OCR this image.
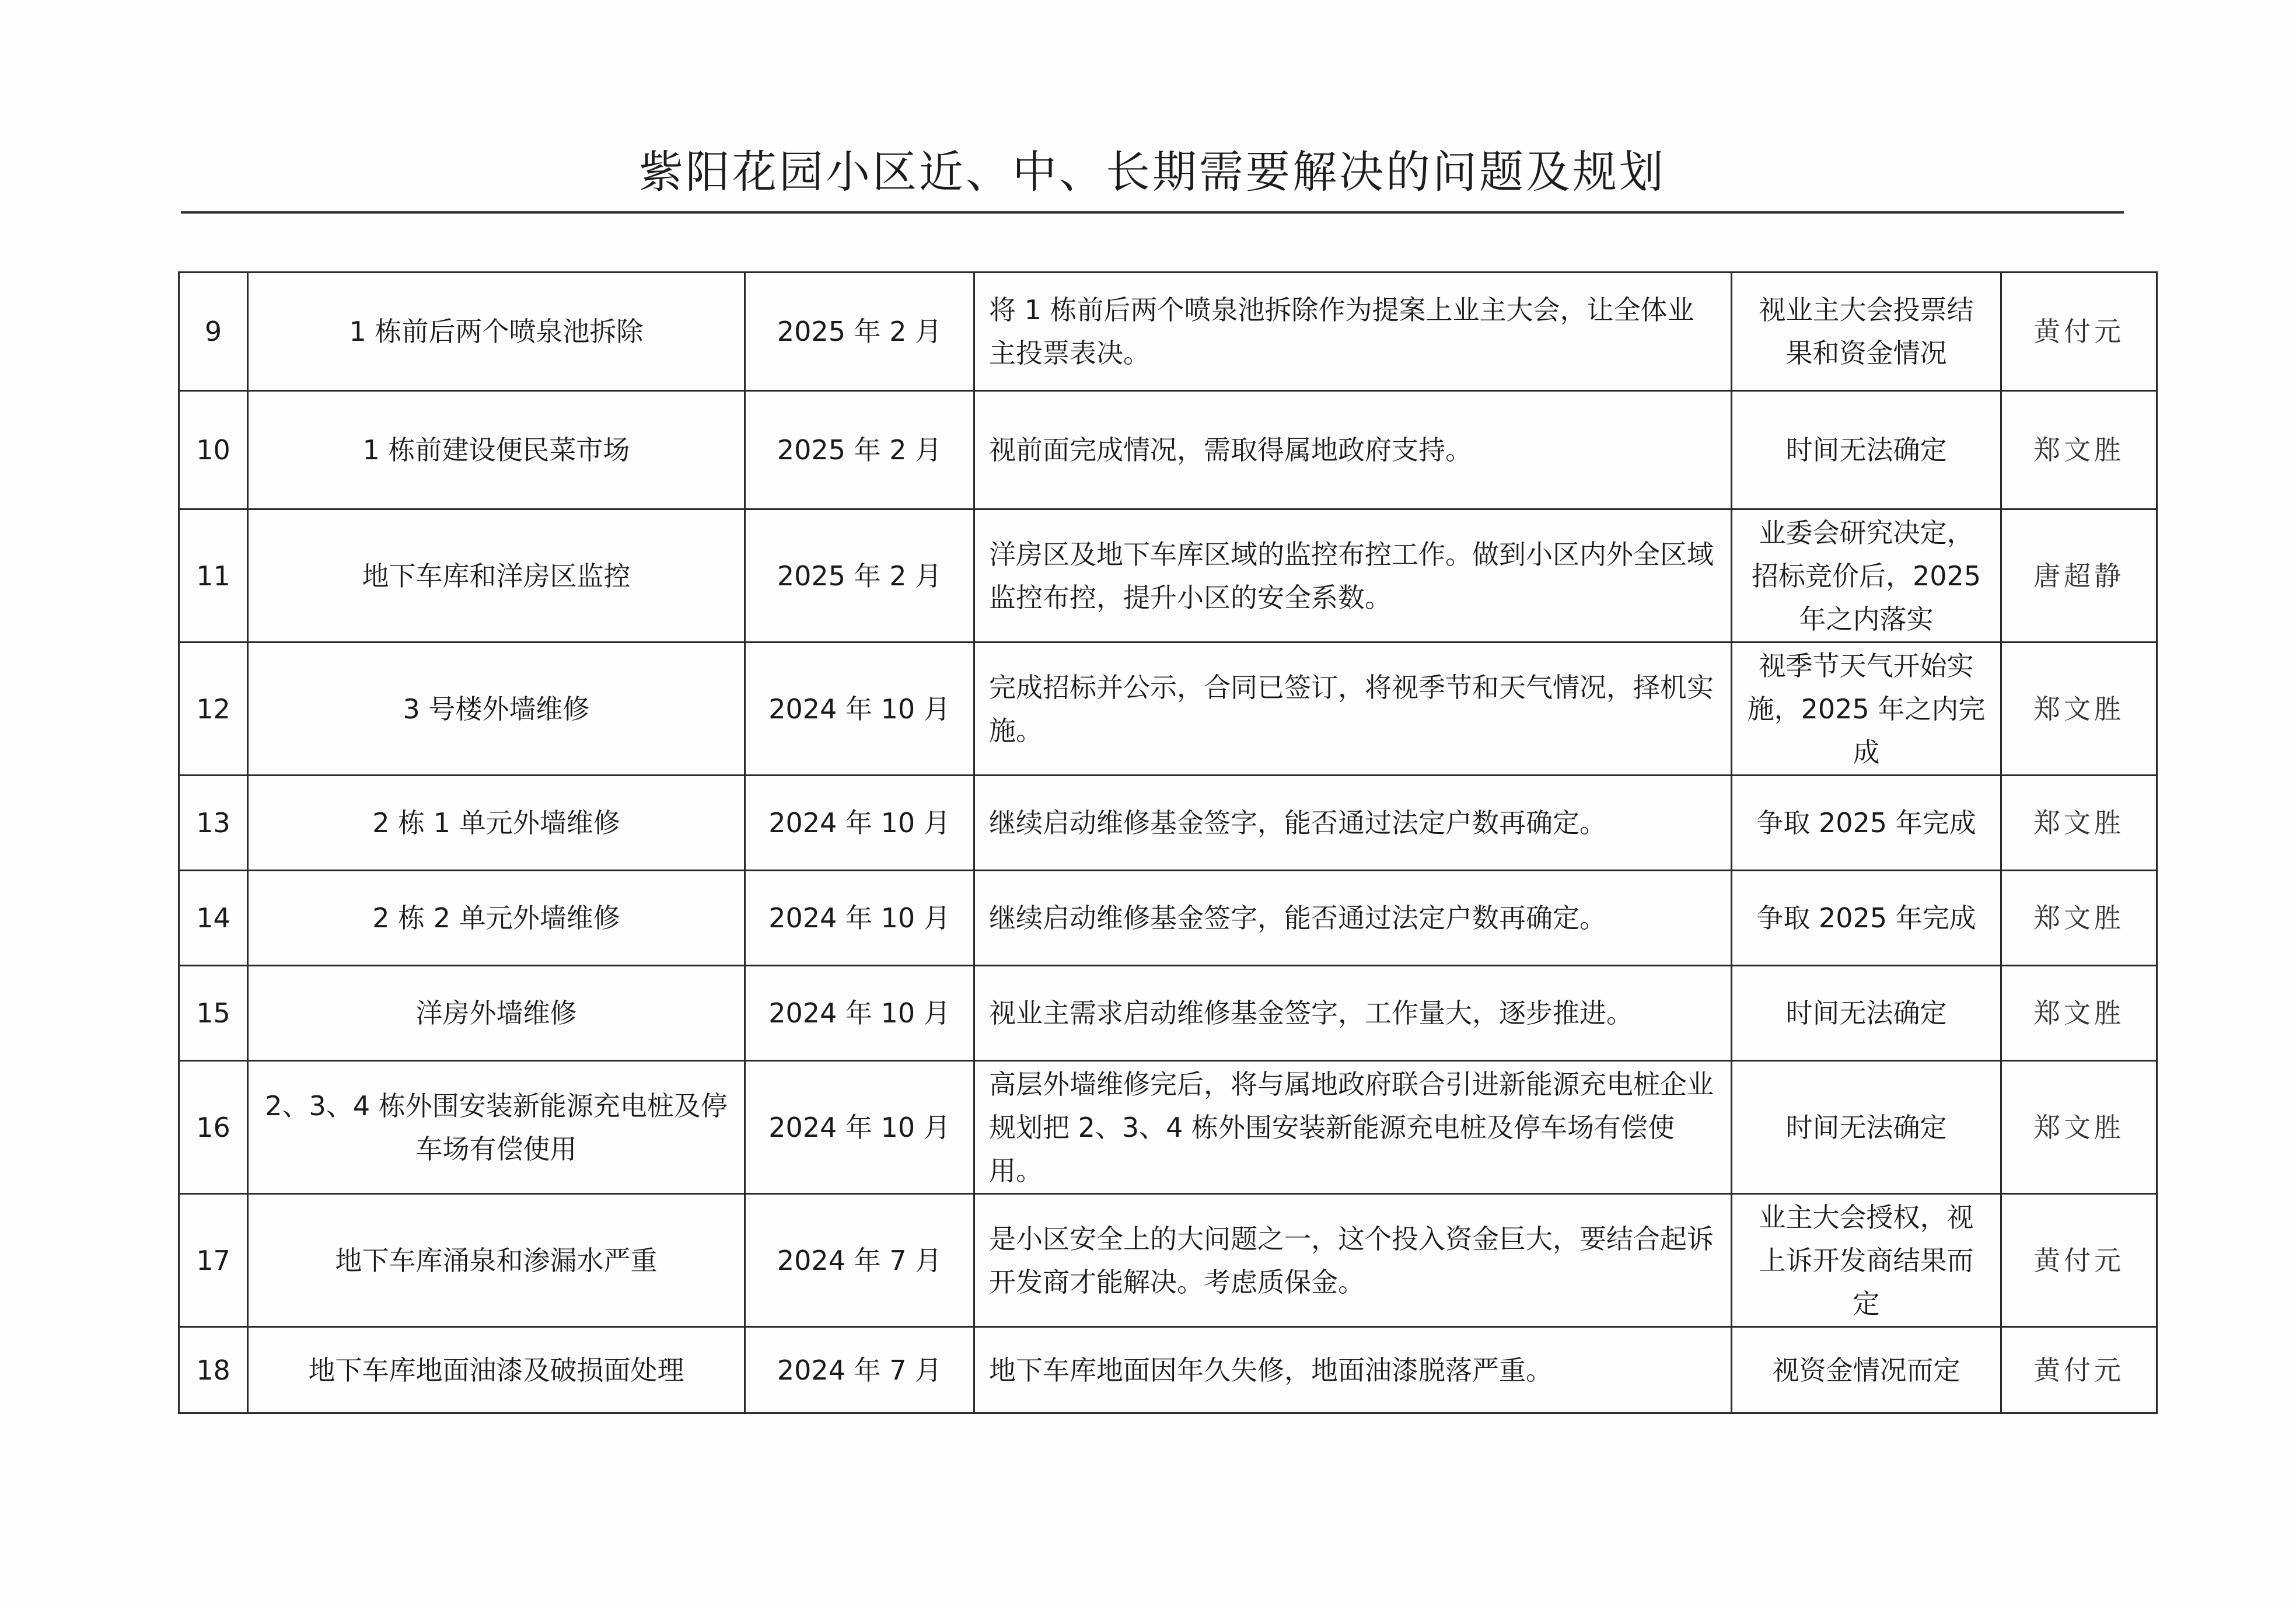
紫阳花园小区近、中、长期需要解决的问题及规划
9	1 栋前后两个喷泉池拆除	2025 年 2 月	将 1 栋前后两个喷泉池拆除作为提案上业主大会，让全体业主投票表决。	视业主大会投票结果和资金情况	黄付元
10	1 栋前建设便民菜市场	2025 年 2 月	视前面完成情况，需取得属地政府支持。	时间无法确定	郑文胜
11	地下车库和洋房区监控	2025 年 2 月	洋房区及地下车库区域的监控布控工作。做到小区内外全区域监控布控，提升小区的安全系数。	业委会研究决定，招标竞价后，2025 年之内落实	唐超静
12	3 号楼外墙维修	2024 年 10 月	完成招标并公示，合同已签订，将视季节和天气情况，择机实施。	视季节天气开始实施，2025 年之内完成	郑文胜
13	2 栋 1 单元外墙维修	2024 年 10 月	继续启动维修基金签字，能否通过法定户数再确定。	争取 2025 年完成	郑文胜
14	2 栋 2 单元外墙维修	2024 年 10 月	继续启动维修基金签字，能否通过法定户数再确定。	争取 2025 年完成	郑文胜
15	洋房外墙维修	2024 年 10 月	视业主需求启动维修基金签字，工作量大，逐步推进。	时间无法确定	郑文胜
16	2、3、4 栋外围安装新能源充电桩及停车场有偿使用	2024 年 10 月	高层外墙维修完后，将与属地政府联合引进新能源充电桩企业规划把 2、3、4 栋外围安装新能源充电桩及停车场有偿使用。	时间无法确定	郑文胜
17	地下车库涌泉和渗漏水严重	2024 年 7 月	是小区安全上的大问题之一，这个投入资金巨大，要结合起诉开发商才能解决。考虑质保金。	业主大会授权，视上诉开发商结果而定	黄付元
18	地下车库地面油漆及破损面处理	2024 年 7 月	地下车库地面因年久失修，地面油漆脱落严重。	视资金情况而定	黄付元
